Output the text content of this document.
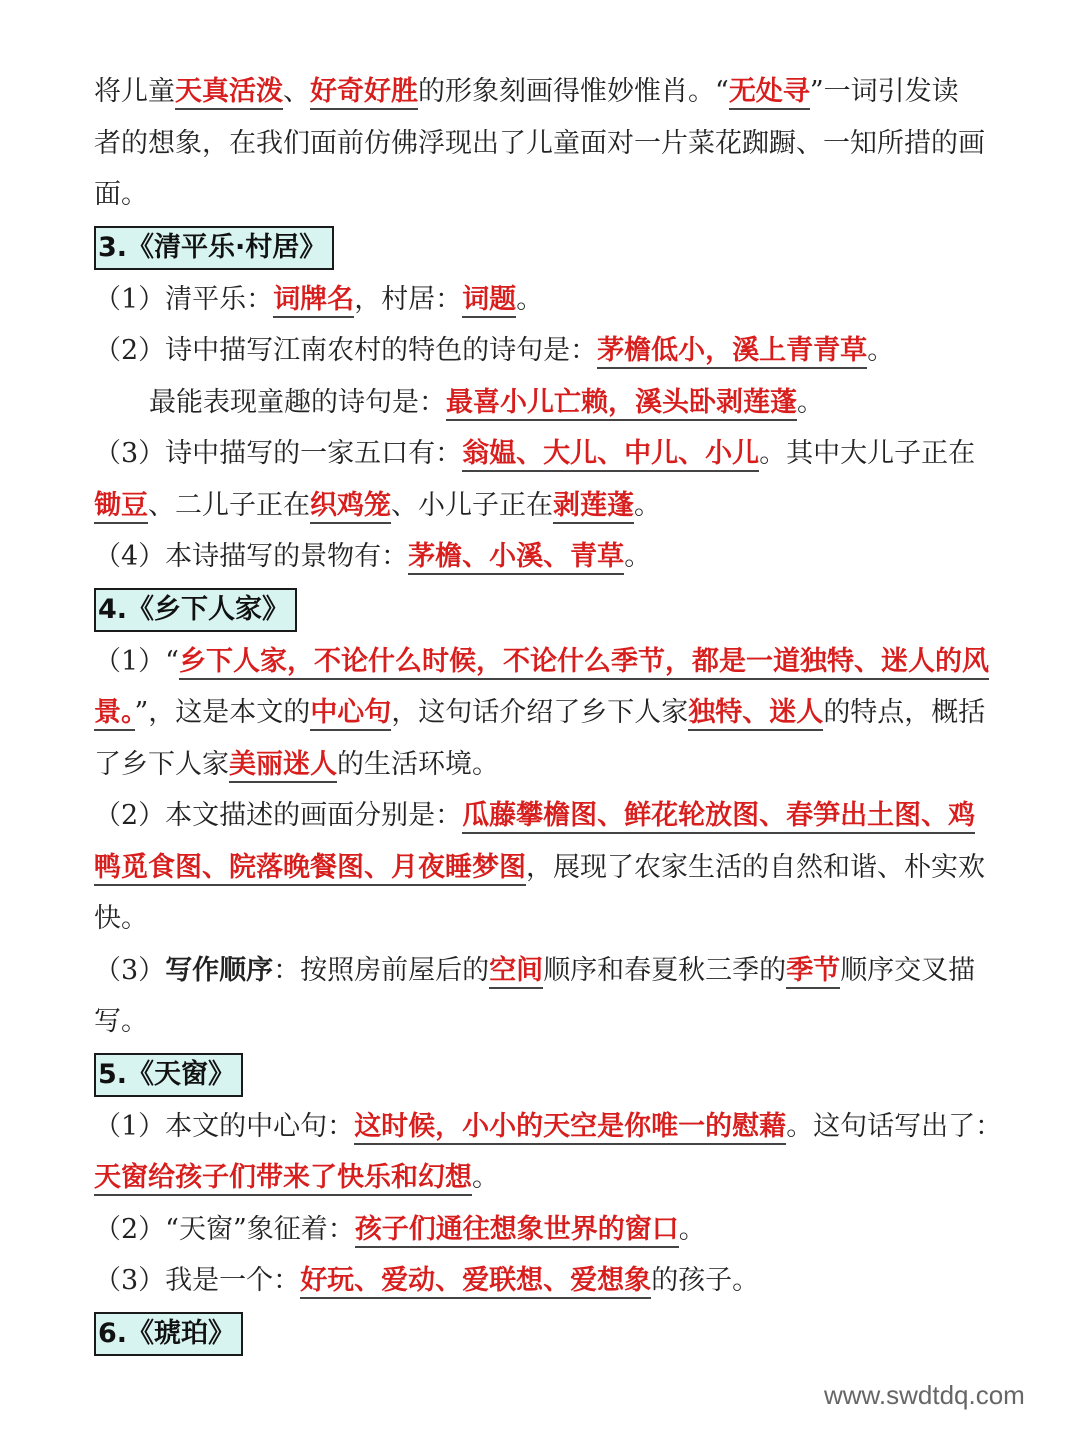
将儿童天真活泼、好奇好胜的形象刻画得惟妙惟肖。“无处寻”一词引发读
者的想象，在我们面前仿佛浮现出了儿童面对一片菜花踟蹰、一知所措的画
面。
3.《清平乐·村居》
（1）清平乐：词牌名，村居：词题。
（2）诗中描写江南农村的特色的诗句是：茅檐低小，溪上青青草。
最能表现童趣的诗句是：最喜小儿亡赖，溪头卧剥莲蓬。
（3）诗中描写的一家五口有：翁媪、大儿、中儿、小儿。其中大儿子正在
锄豆、二儿子正在织鸡笼、小儿子正在剥莲蓬。
（4）本诗描写的景物有：茅檐、小溪、青草。
4.《乡下人家》
（1）“乡下人家，不论什么时候，不论什么季节，都是一道独特、迷人的风
景。”，这是本文的中心句，这句话介绍了乡下人家独特、迷人的特点，概括
了乡下人家美丽迷人的生活环境。
（2）本文描述的画面分别是：瓜藤攀檐图、鲜花轮放图、春笋出土图、鸡
鸭觅食图、院落晚餐图、月夜睡梦图，展现了农家生活的自然和谐、朴实欢
快。
（3）写作顺序：按照房前屋后的空间顺序和春夏秋三季的季节顺序交叉描
写。
5.《天窗》
（1）本文的中心句：这时候，小小的天空是你唯一的慰藉。这句话写出了：
天窗给孩子们带来了快乐和幻想。
（2）“天窗”象征着：孩子们通往想象世界的窗口。
（3）我是一个：好玩、爱动、爱联想、爱想象的孩子。
6.《琥珀》
www.swdtdq.com
